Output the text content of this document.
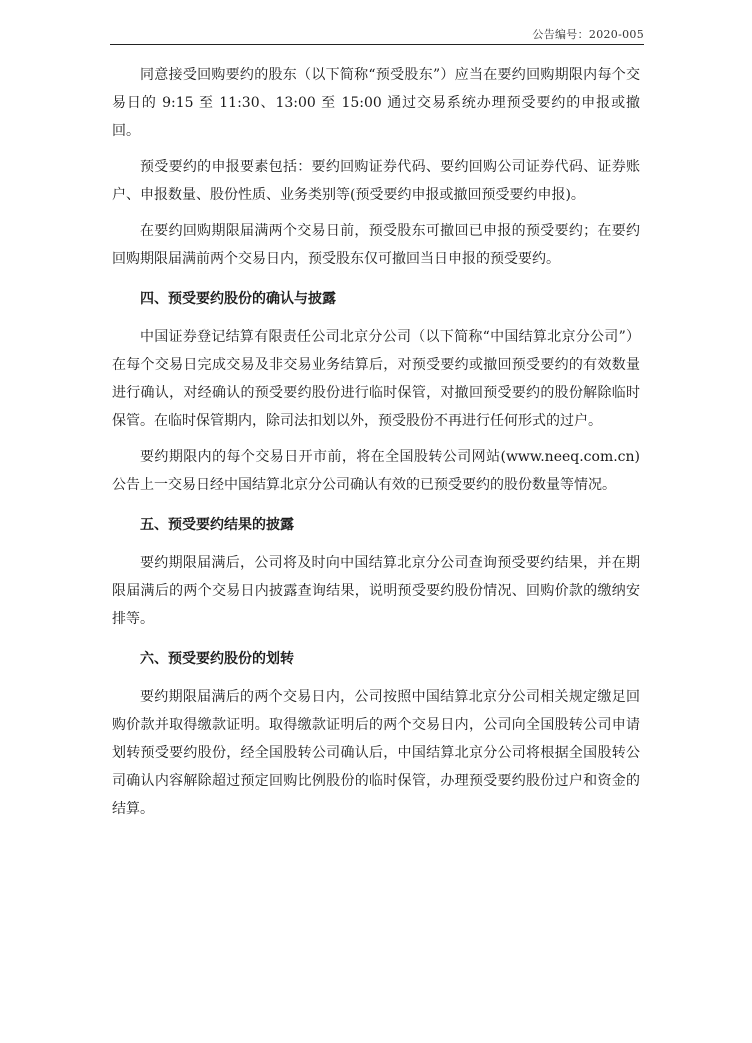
公告编号：2020-005

同意接受回购要约的股东（以下简称“预受股东”）应当在要约回购期限内每个交易日的 9:15 至 11:30、13:00 至 15:00 通过交易系统办理预受要约的申报或撤回。

预受要约的申报要素包括：要约回购证券代码、要约回购公司证券代码、证券账户、申报数量、股份性质、业务类别等(预受要约申报或撤回预受要约申报)。

在要约回购期限届满两个交易日前，预受股东可撤回已申报的预受要约；在要约回购期限届满前两个交易日内，预受股东仅可撤回当日申报的预受要约。

四、预受要约股份的确认与披露

中国证券登记结算有限责任公司北京分公司（以下简称“中国结算北京分公司”）在每个交易日完成交易及非交易业务结算后，对预受要约或撤回预受要约的有效数量进行确认，对经确认的预受要约股份进行临时保管，对撤回预受要约的股份解除临时保管。在临时保管期内，除司法扣划以外，预受股份不再进行任何形式的过户。

要约期限内的每个交易日开市前，将在全国股转公司网站(www.neeq.com.cn)公告上一交易日经中国结算北京分公司确认有效的已预受要约的股份数量等情况。

五、预受要约结果的披露

要约期限届满后，公司将及时向中国结算北京分公司查询预受要约结果，并在期限届满后的两个交易日内披露查询结果，说明预受要约股份情况、回购价款的缴纳安排等。

六、预受要约股份的划转

要约期限届满后的两个交易日内，公司按照中国结算北京分公司相关规定缴足回购价款并取得缴款证明。取得缴款证明后的两个交易日内，公司向全国股转公司申请划转预受要约股份，经全国股转公司确认后，中国结算北京分公司将根据全国股转公司确认内容解除超过预定回购比例股份的临时保管，办理预受要约股份过户和资金的结算。
